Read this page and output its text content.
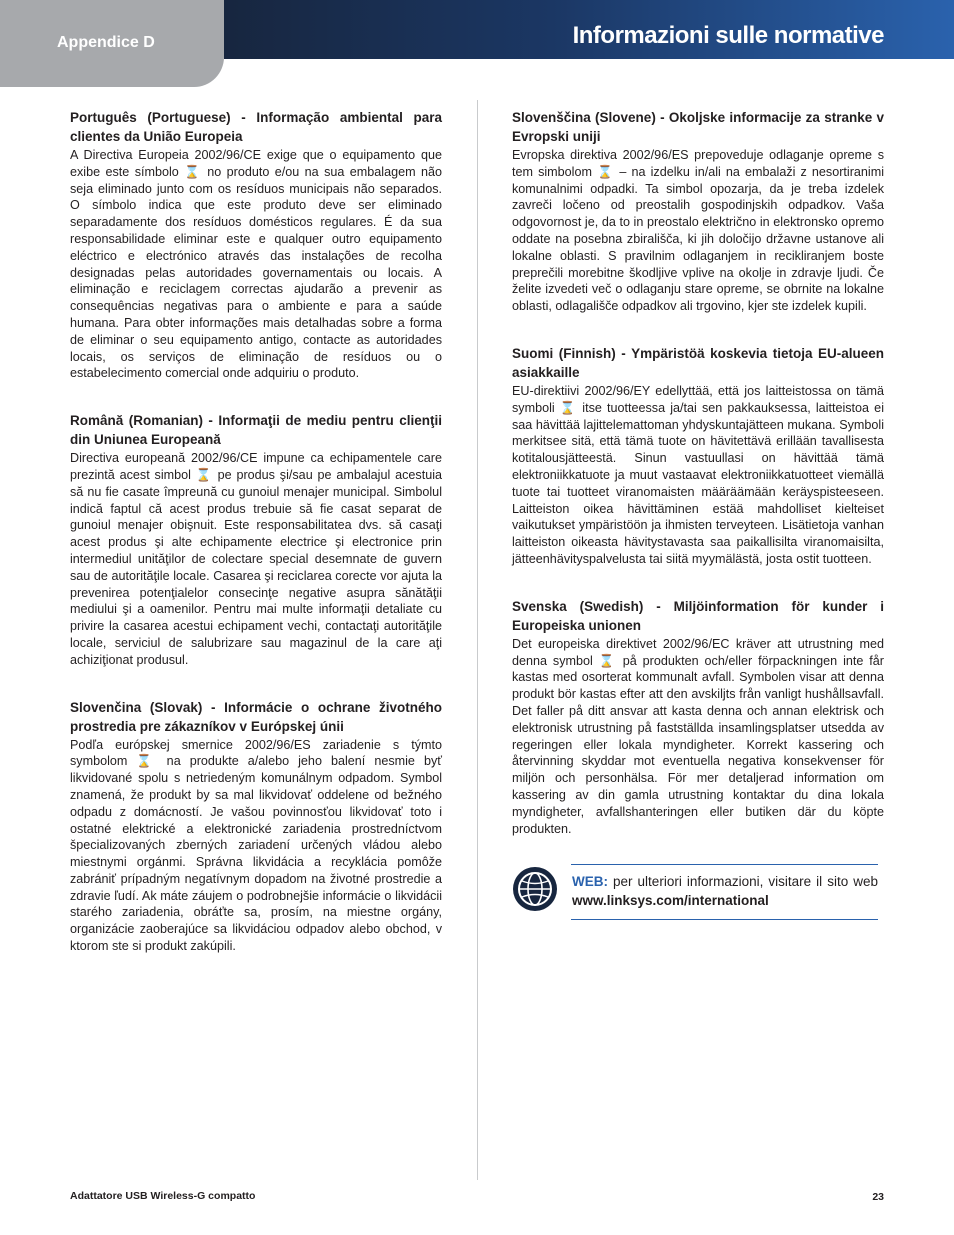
Appendice D	Informazioni sulle normative
Português (Portuguese) - Informação ambiental para clientes da União Europeia
A Directiva Europeia 2002/96/CE exige que o equipamento que exibe este símbolo ⌛ no produto e/ou na sua embalagem não seja eliminado junto com os resíduos municipais não separados. O símbolo indica que este produto deve ser eliminado separadamente dos resíduos domésticos regulares. É da sua responsabilidade eliminar este e qualquer outro equipamento eléctrico e electrónico através das instalações de recolha designadas pelas autoridades governamentais ou locais. A eliminação e reciclagem correctas ajudarão a prevenir as consequências negativas para o ambiente e para a saúde humana. Para obter informações mais detalhadas sobre a forma de eliminar o seu equipamento antigo, contacte as autoridades locais, os serviços de eliminação de resíduos ou o estabelecimento comercial onde adquiriu o produto.
Română (Romanian) - Informaţii de mediu pentru clienţii din Uniunea Europeană
Directiva europeană 2002/96/CE impune ca echipamentele care prezintă acest simbol ⌛ pe produs şi/sau pe ambalajul acestuia să nu fie casate împreună cu gunoiul menajer municipal. Simbolul indică faptul că acest produs trebuie să fie casat separat de gunoiul menajer obişnuit. Este responsabilitatea dvs. să casaţi acest produs şi alte echipamente electrice şi electronice prin intermediul unităţilor de colectare special desemnate de guvern sau de autorităţile locale. Casarea şi reciclarea corecte vor ajuta la prevenirea potenţialelor consecinţe negative asupra sănătăţii mediului şi a oamenilor. Pentru mai multe informaţii detaliate cu privire la casarea acestui echipament vechi, contactaţi autorităţile locale, serviciul de salubrizare sau magazinul de la care aţi achiziţionat produsul.
Slovenčina (Slovak) - Informácie o ochrane životného prostredia pre zákazníkov v Európskej únii
Podľa európskej smernice 2002/96/ES zariadenie s týmto symbolom ⌛ na produkte a/alebo jeho balení nesmie byť likvidované spolu s netriedeným komunálnym odpadom. Symbol znamená, že produkt by sa mal likvidovať oddelene od bežného odpadu z domácností. Je vašou povinnosťou likvidovať toto i ostatné elektrické a elektronické zariadenia prostredníctvom špecializovaných zberných zariadení určených vládou alebo miestnymi orgánmi. Správna likvidácia a recyklácia pomôže zabrániť prípadným negatívnym dopadom na životné prostredie a zdravie ľudí. Ak máte záujem o podrobnejšie informácie o likvidácii starého zariadenia, obráťte sa, prosím, na miestne orgány, organizácie zaoberajúce sa likvidáciou odpadov alebo obchod, v ktorom ste si produkt zakúpili.
Slovenščina (Slovene) - Okoljske informacije za stranke v Evropski uniji
Evropska direktiva 2002/96/ES prepoveduje odlaganje opreme s tem simbolom ⌛ – na izdelku in/ali na embalaži z nesortiranimi komunalnimi odpadki. Ta simbol opozarja, da je treba izdelek zavreči ločeno od preostalih gospodinjskih odpadkov. Vaša odgovornost je, da to in preostalo električno in elektronsko opremo oddate na posebna zbirališča, ki jih določijo državne ustanove ali lokalne oblasti. S pravilnim odlaganjem in recikliranjem boste preprečili morebitne škodljive vplive na okolje in zdravje ljudi. Če želite izvedeti več o odlaganju stare opreme, se obrnite na lokalne oblasti, odlagališče odpadkov ali trgovino, kjer ste izdelek kupili.
Suomi (Finnish) - Ympäristöä koskevia tietoja EU-alueen asiakkaille
EU-direktiivi 2002/96/EY edellyttää, että jos laitteistossa on tämä symboli ⌛ itse tuotteessa ja/tai sen pakkauksessa, laitteistoa ei saa hävittää lajittelemattoman yhdyskuntajätteen mukana. Symboli merkitsee sitä, että tämä tuote on hävitettävä erillään tavallisesta kotitalousjätteestä. Sinun vastuullasi on hävittää tämä elektroniikkatuote ja muut vastaavat elektroniikkatuotteet viemällä tuote tai tuotteet viranomaisten määräämään keräyspisteeseen. Laitteiston oikea hävittäminen estää mahdolliset kielteiset vaikutukset ympäristöön ja ihmisten terveyteen. Lisätietoja vanhan laitteiston oikeasta hävitystavasta saa paikallisilta viranomaisilta, jätteenhävityspalvelusta tai siitä myymälästä, josta ostit tuotteen.
Svenska (Swedish) - Miljöinformation för kunder i Europeiska unionen
Det europeiska direktivet 2002/96/EC kräver att utrustning med denna symbol ⌛ på produkten och/eller förpackningen inte får kastas med osorterat kommunalt avfall. Symbolen visar att denna produkt bör kastas efter att den avskiljts från vanligt hushållsavfall. Det faller på ditt ansvar att kasta denna och annan elektrisk och elektronisk utrustning på fastställda insamlingsplatser utsedda av regeringen eller lokala myndigheter. Korrekt kassering och återvinning skyddar mot eventuella negativa konsekvenser för miljön och personhälsa. För mer detaljerad information om kassering av din gamla utrustning kontaktar du dina lokala myndigheter, avfallshanteringen eller butiken där du köpte produkten.
WEB: per ulteriori informazioni, visitare il sito web www.linksys.com/international
Adattatore USB Wireless-G compatto	23
